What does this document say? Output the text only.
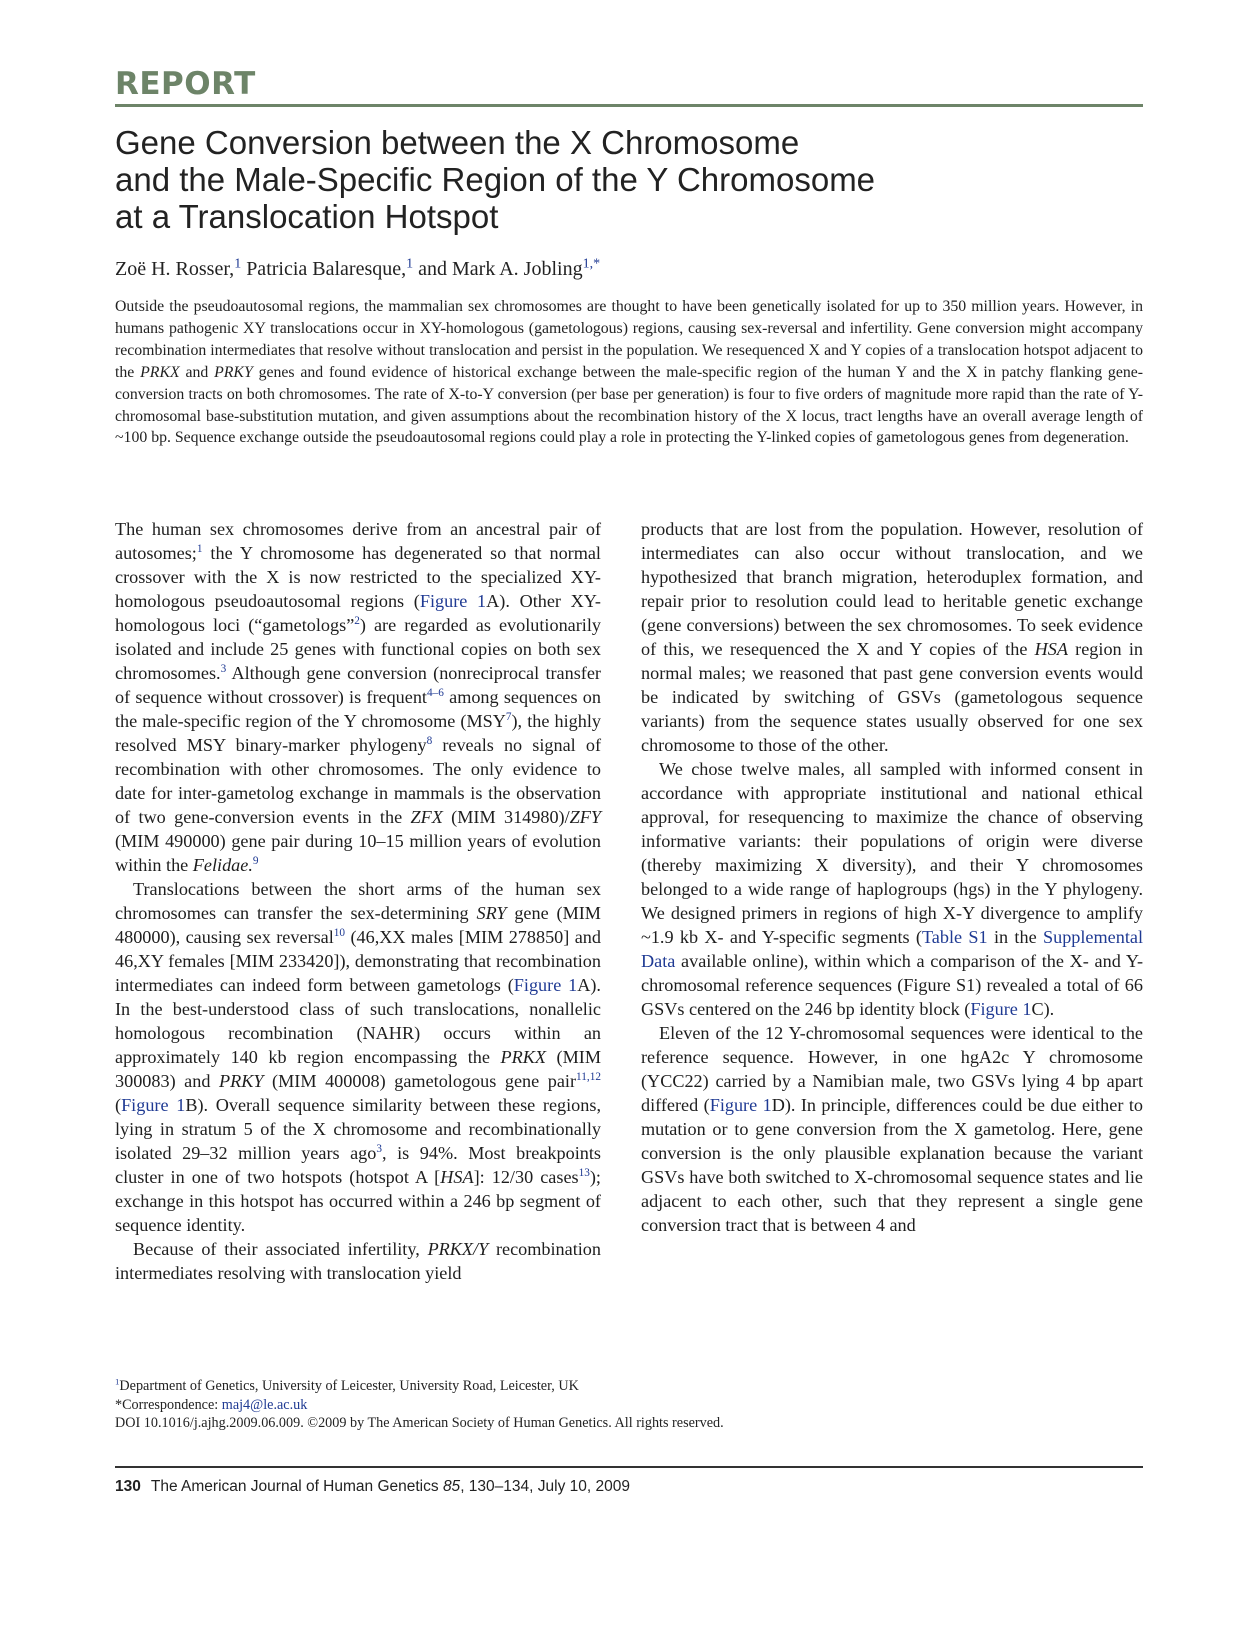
REPORT
Gene Conversion between the X Chromosome
and the Male-Specific Region of the Y Chromosome
at a Translocation Hotspot
Zoë H. Rosser,$^1$ Patricia Balaresque,$^1$ and Mark A. Jobling$^{1,*}$
Outside the pseudoautosomal regions, the mammalian sex chromosomes are thought to have been genetically isolated for up to 350 million years. However, in humans pathogenic XY translocations occur in XY-homologous (gametologous) regions, causing sex-reversal and infertility. Gene conversion might accompany recombination intermediates that resolve without translocation and persist in the population. We resequenced X and Y copies of a translocation hotspot adjacent to the PRKX and PRKY genes and found evidence of historical exchange between the male-specific region of the human Y and the X in patchy flanking gene-conversion tracts on both chromosomes. The rate of X-to-Y conversion (per base per generation) is four to five orders of magnitude more rapid than the rate of Y-chromosomal base-substitution mutation, and given assumptions about the recombination history of the X locus, tract lengths have an overall average length of ~100 bp. Sequence exchange outside the pseudoautosomal regions could play a role in protecting the Y-linked copies of gametologous genes from degeneration.

The human sex chromosomes derive from an ancestral pair of autosomes;$^1$ the Y chromosome has degenerated so that normal crossover with the X is now restricted to the specialized XY-homologous pseudoautosomal regions (Figure 1A). Other XY-homologous loci (“gametologs”$^2$) are regarded as evolutionarily isolated and include 25 genes with functional copies on both sex chromosomes.$^3$ Although gene conversion (nonreciprocal transfer of sequence without crossover) is frequent$^{4-6}$ among sequences on the male-specific region of the Y chromosome (MSY$^7$), the highly resolved MSY binary-marker phylogeny$^8$ reveals no signal of recombination with other chromosomes. The only evidence to date for inter-gametolog exchange in mammals is the observation of two gene-conversion events in the ZFX (MIM 314980)/ZFY (MIM 490000) gene pair during 10–15 million years of evolution within the Felidae.$^9$

Translocations between the short arms of the human sex chromosomes can transfer the sex-determining SRY gene (MIM 480000), causing sex reversal$^{10}$ (46,XX males [MIM 278850] and 46,XY females [MIM 233420]), demonstrating that recombination intermediates can indeed form between gametologs (Figure 1A). In the best-understood class of such translocations, nonallelic homologous recombination (NAHR) occurs within an approximately 140 kb region encompassing the PRKX (MIM 300083) and PRKY (MIM 400008) gametologous gene pair$^{11,12}$ (Figure 1B). Overall sequence similarity between these regions, lying in stratum 5 of the X chromosome and recombinationally isolated 29–32 million years ago$^3$, is 94%. Most breakpoints cluster in one of two hotspots (hotspot A [HSA]: 12/30 cases$^{13}$); exchange in this hotspot has occurred within a 246 bp segment of sequence identity.

Because of their associated infertility, PRKX/Y recombination intermediates resolving with translocation yield

products that are lost from the population. However, resolution of intermediates can also occur without translocation, and we hypothesized that branch migration, heteroduplex formation, and repair prior to resolution could lead to heritable genetic exchange (gene conversions) between the sex chromosomes. To seek evidence of this, we resequenced the X and Y copies of the HSA region in normal males; we reasoned that past gene conversion events would be indicated by switching of GSVs (gametologous sequence variants) from the sequence states usually observed for one sex chromosome to those of the other.

We chose twelve males, all sampled with informed consent in accordance with appropriate institutional and national ethical approval, for resequencing to maximize the chance of observing informative variants: their populations of origin were diverse (thereby maximizing X diversity), and their Y chromosomes belonged to a wide range of haplogroups (hgs) in the Y phylogeny. We designed primers in regions of high X-Y divergence to amplify ~1.9 kb X- and Y-specific segments (Table S1 in the Supplemental Data available online), within which a comparison of the X- and Y-chromosomal reference sequences (Figure S1) revealed a total of 66 GSVs centered on the 246 bp identity block (Figure 1C).

Eleven of the 12 Y-chromosomal sequences were identical to the reference sequence. However, in one hgA2c Y chromosome (YCC22) carried by a Namibian male, two GSVs lying 4 bp apart differed (Figure 1D). In principle, differences could be due either to mutation or to gene conversion from the X gametolog. Here, gene conversion is the only plausible explanation because the variant GSVs have both switched to X-chromosomal sequence states and lie adjacent to each other, such that they represent a single gene conversion tract that is between 4 and

$^1$Department of Genetics, University of Leicester, University Road, Leicester, UK
*Correspondence: maj4@le.ac.uk
DOI 10.1016/j.ajhg.2009.06.009. ©2009 by The American Society of Human Genetics. All rights reserved.
130 The American Journal of Human Genetics 85, 130–134, July 10, 2009
